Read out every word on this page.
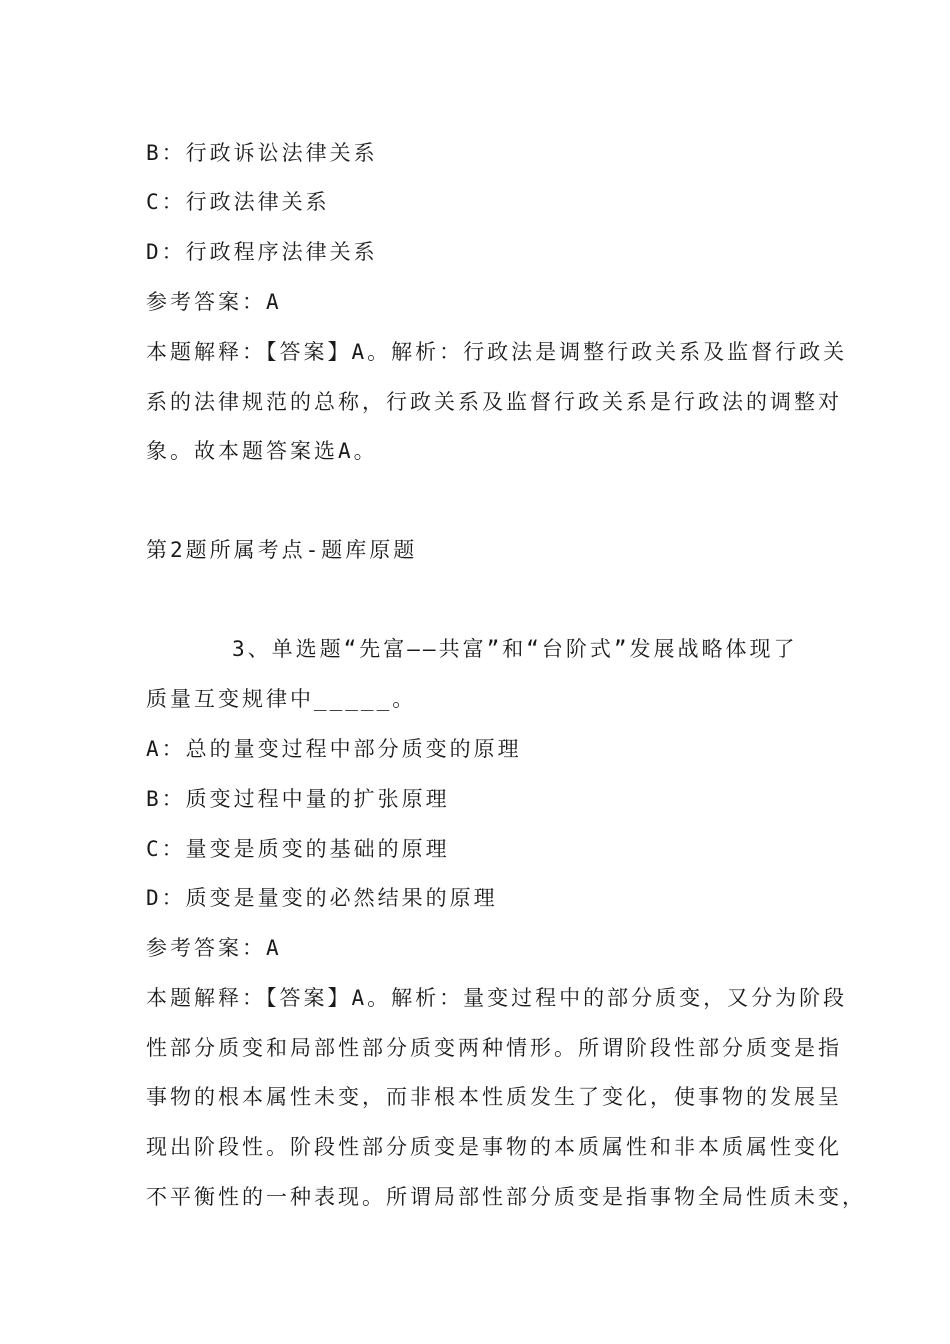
B：行政诉讼法律关系
C：行政法律关系
D：行政程序法律关系
参考答案：A
本题解释：【答案】A。解析：行政法是调整行政关系及监督行政关
系的法律规范的总称，行政关系及监督行政关系是行政法的调整对
象。故本题答案选A。
第2题所属考点-题库原题
3、单选题“先富——共富”和“台阶式”发展战略体现了
质量互变规律中_____。
A：总的量变过程中部分质变的原理
B：质变过程中量的扩张原理
C：量变是质变的基础的原理
D：质变是量变的必然结果的原理
参考答案：A
本题解释：【答案】A。解析：量变过程中的部分质变，又分为阶段
性部分质变和局部性部分质变两种情形。所谓阶段性部分质变是指
事物的根本属性未变，而非根本性质发生了变化，使事物的发展呈
现出阶段性。阶段性部分质变是事物的本质属性和非本质属性变化
不平衡性的一种表现。所谓局部性部分质变是指事物全局性质未变，
